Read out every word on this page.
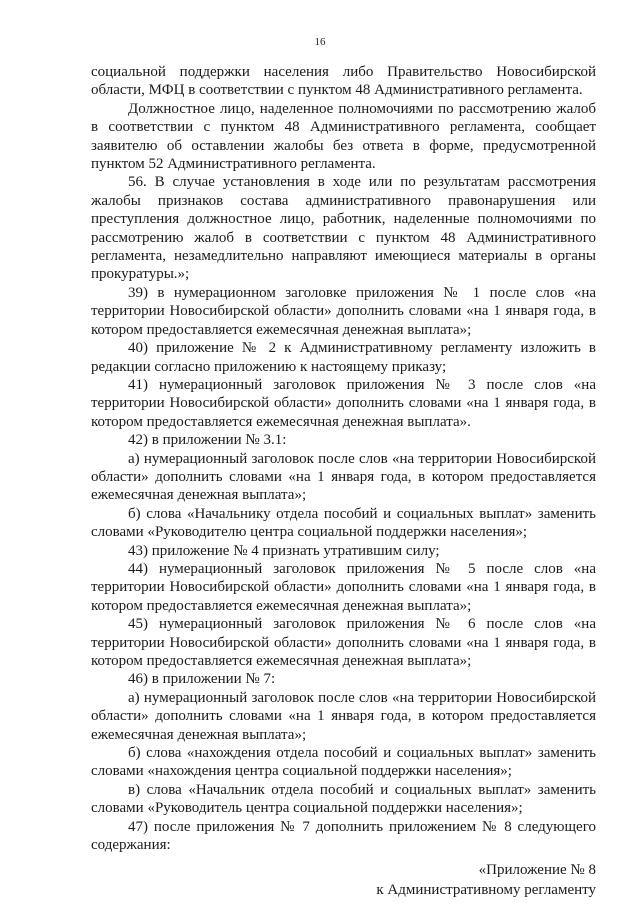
16

социальной поддержки населения либо Правительство Новосибирской области, МФЦ в соответствии с пунктом 48 Административного регламента.

Должностное лицо, наделенное полномочиями по рассмотрению жалоб в соответствии с пунктом 48 Административного регламента, сообщает заявителю об оставлении жалобы без ответа в форме, предусмотренной пунктом 52 Административного регламента.

56. В случае установления в ходе или по результатам рассмотрения жалобы признаков состава административного правонарушения или преступления должностное лицо, работник, наделенные полномочиями по рассмотрению жалоб в соответствии с пунктом 48 Административного регламента, незамедлительно направляют имеющиеся материалы в органы прокуратуры.»;

39) в нумерационном заголовке приложения № 1 после слов «на территории Новосибирской области» дополнить словами «на 1 января года, в котором предоставляется ежемесячная денежная выплата»;

40) приложение № 2 к Административному регламенту изложить в редакции согласно приложению к настоящему приказу;

41) нумерационный заголовок приложения № 3 после слов «на территории Новосибирской области» дополнить словами «на 1 января года, в котором предоставляется ежемесячная денежная выплата».

42) в приложении № 3.1:

а) нумерационный заголовок после слов «на территории Новосибирской области» дополнить словами «на 1 января года, в котором предоставляется ежемесячная денежная выплата»;

б) слова «Начальнику отдела пособий и социальных выплат» заменить словами «Руководителю центра социальной поддержки населения»;

43) приложение № 4 признать утратившим силу;

44) нумерационный заголовок приложения № 5 после слов «на территории Новосибирской области» дополнить словами «на 1 января года, в котором предоставляется ежемесячная денежная выплата»;

45) нумерационный заголовок приложения № 6 после слов «на территории Новосибирской области» дополнить словами «на 1 января года, в котором предоставляется ежемесячная денежная выплата»;

46) в приложении № 7:

а) нумерационный заголовок после слов «на территории Новосибирской области» дополнить словами «на 1 января года, в котором предоставляется ежемесячная денежная выплата»;

б) слова «нахождения отдела пособий и социальных выплат» заменить словами «нахождения центра социальной поддержки населения»;

в) слова «Начальник отдела пособий и социальных выплат» заменить словами «Руководитель центра социальной поддержки населения»;

47) после приложения № 7 дополнить приложением № 8 следующего содержания:

«Приложение № 8

к Административному регламенту
